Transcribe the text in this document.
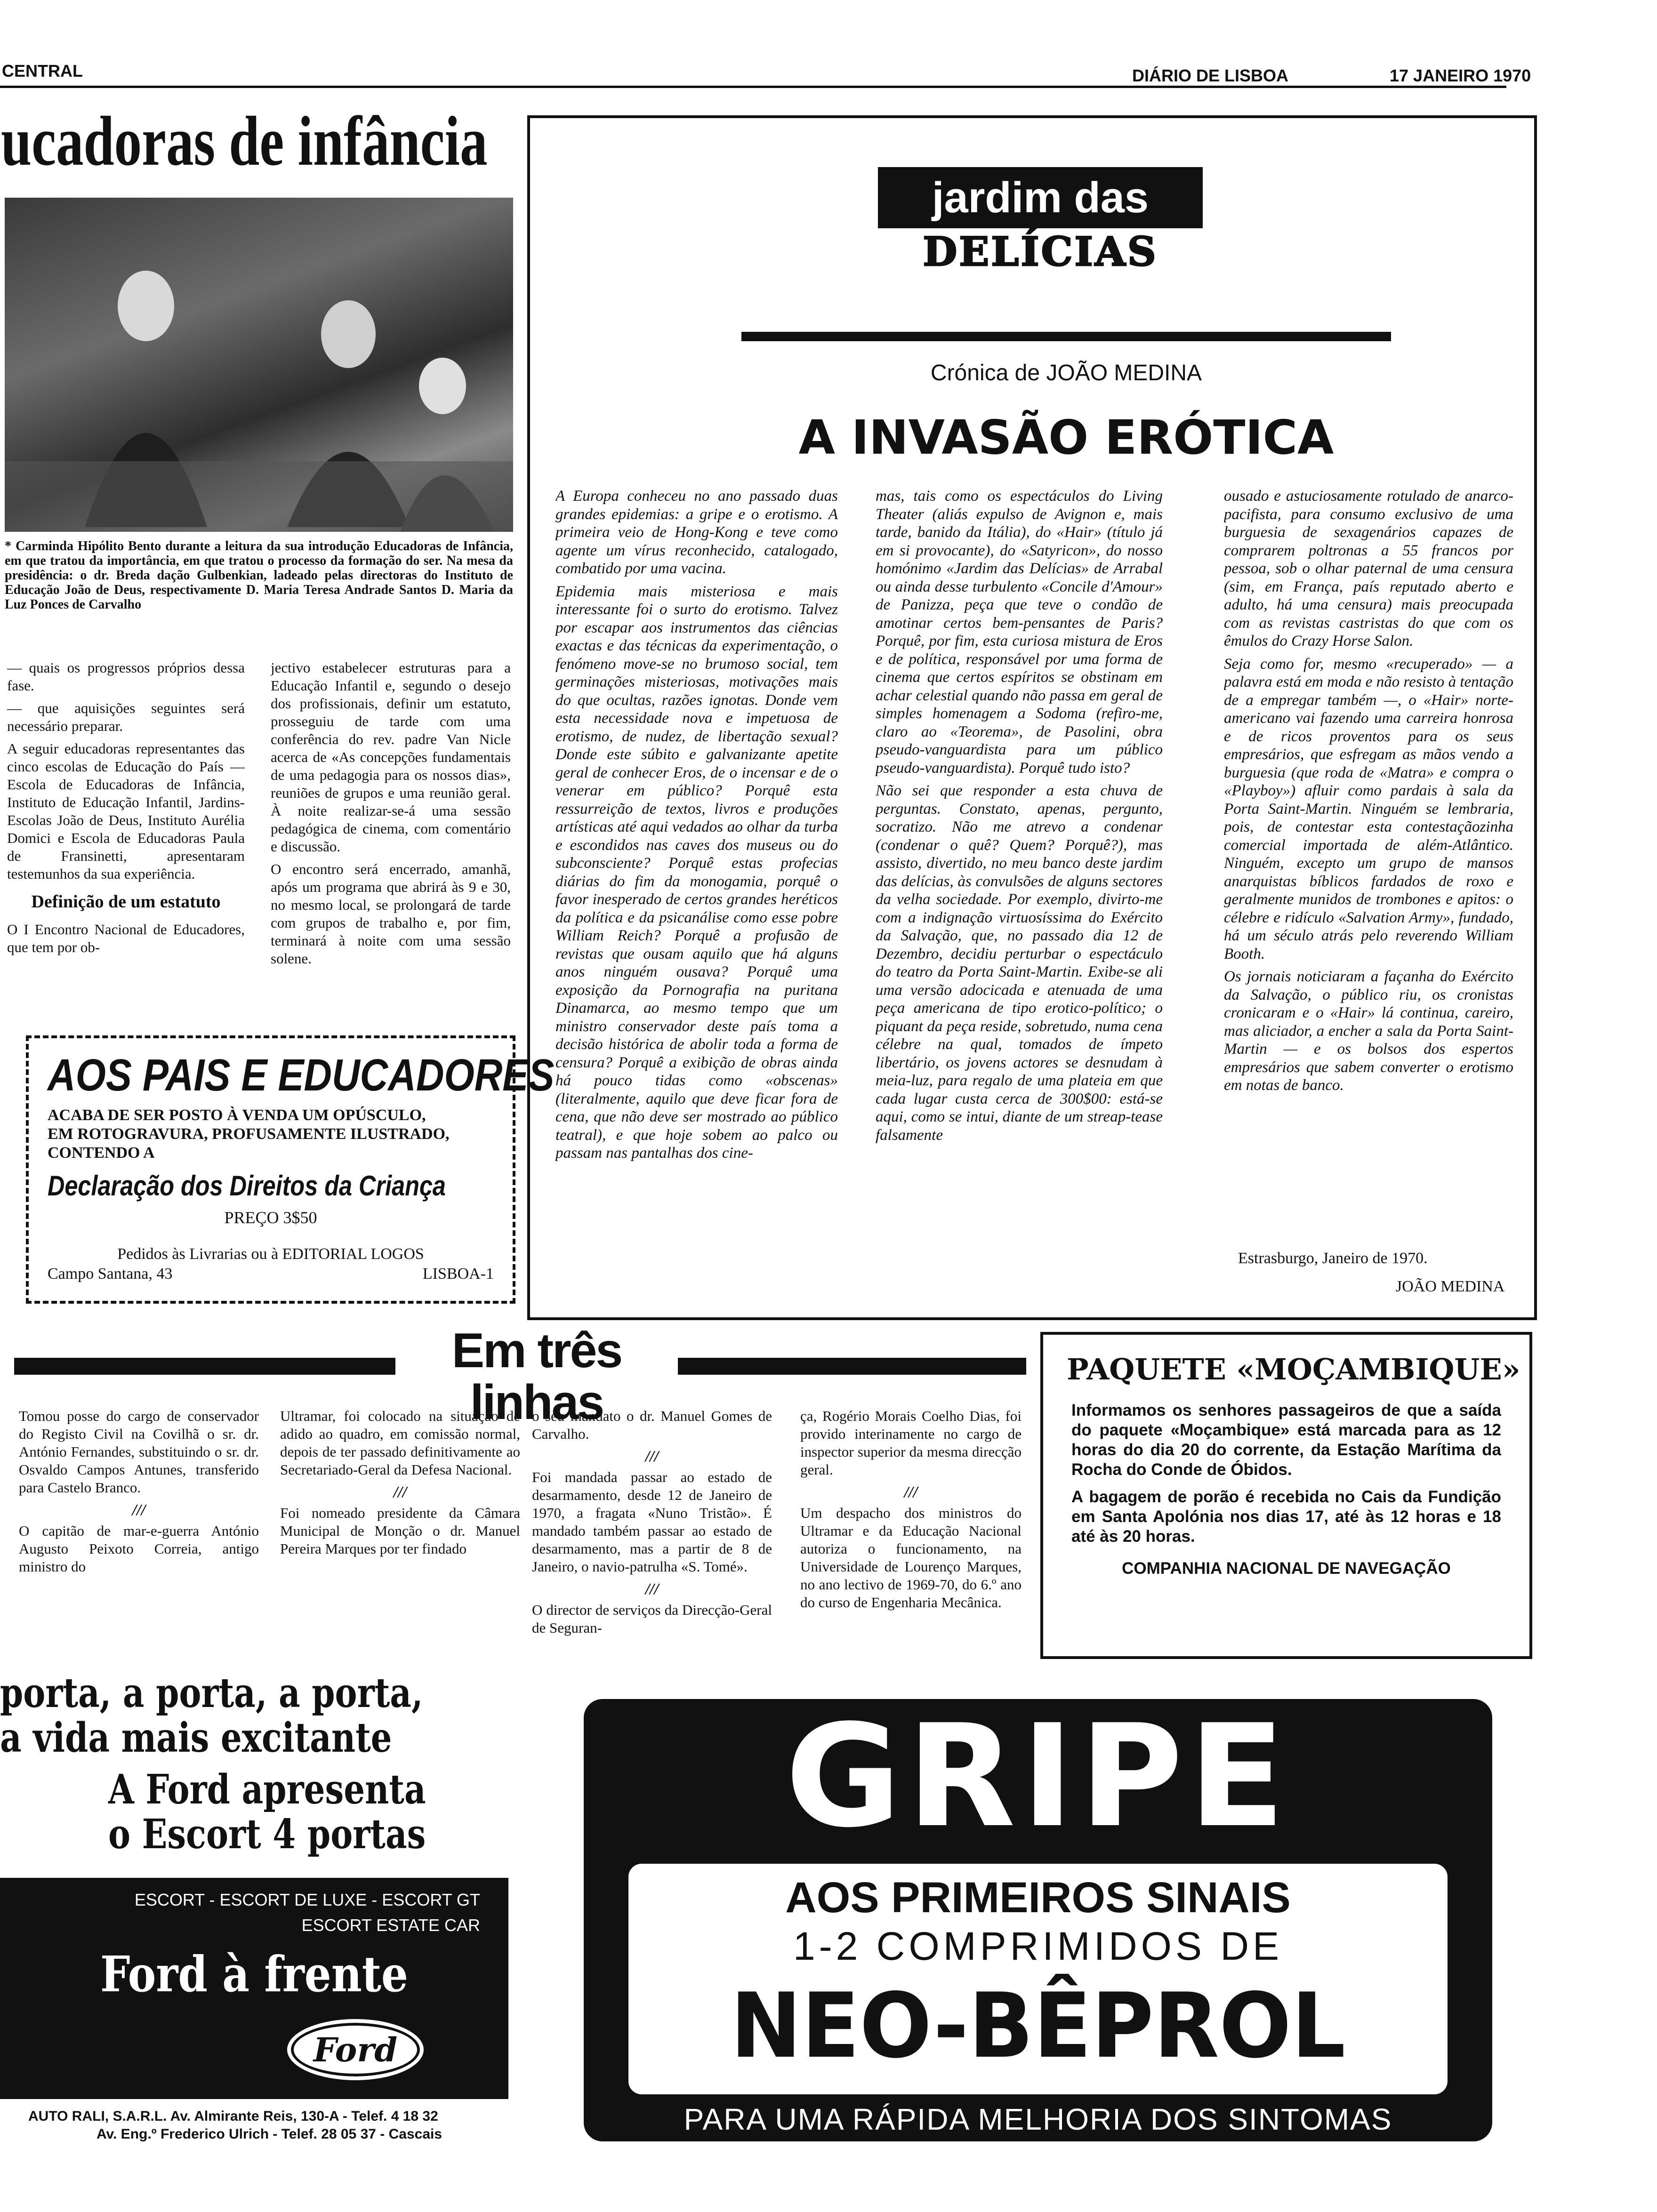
CENTRAL	DIÁRIO DE LISBOA	17 JANEIRO 1970
ucadoras de infância
* Carminda Hipólito Bento durante a leitura da sua introdução Educadoras de Infância, em que tratou da importância, em que tratou o processo da formação do ser. Na mesa da presidência: o dr. Breda dação Gulbenkian, ladeado pelas directoras do Instituto de Educação João de Deus, respectivamente D. Maria Teresa Andrade Santos D. Maria da Luz Ponces de Carvalho

— quais os progressos próprios dessa fase.

— que aquisições seguintes será necessário preparar.

A seguir educadoras representantes das cinco escolas de Educação do País — Escola de Educadoras de Infância, Instituto de Educação Infantil, Jardins-Escolas João de Deus, Instituto Aurélia Domici e Escola de Educadoras Paula de Fransinetti, apresentaram testemunhos da sua experiência.

Definição de um estatuto

O I Encontro Nacional de Educadores, que tem por ob-

jectivo estabelecer estruturas para a Educação Infantil e, segundo o desejo dos profissionais, definir um estatuto, prosseguiu de tarde com uma conferência do rev. padre Van Nicle acerca de «As concepções fundamentais de uma pedagogia para os nossos dias», reuniões de grupos e uma reunião geral. À noite realizar-se-á uma sessão pedagógica de cinema, com comentário e discussão.

O encontro será encerrado, amanhã, após um programa que abrirá às 9 e 30, no mesmo local, se prolongará de tarde com grupos de trabalho e, por fim, terminará à noite com uma sessão solene.

AOS PAIS E EDUCADORES
ACABA DE SER POSTO À VENDA UM OPÚSCULO,
EM ROTOGRAVURA, PROFUSAMENTE ILUSTRADO,
CONTENDO A
Declaração dos Direitos da Criança
PREÇO 3$50
Pedidos às Livrarias ou à EDITORIAL LOGOS
Campo Santana, 43	LISBOA-1
jardim das
DELÍCIAS
Crónica de JOÃO MEDINA
A INVASÃO ERÓTICA

A Europa conheceu no ano passado duas grandes epidemias: a gripe e o erotismo. A primeira veio de Hong-Kong e teve como agente um vírus reconhecido, catalogado, combatido por uma vacina.

Epidemia mais misteriosa e mais interessante foi o surto do erotismo. Talvez por escapar aos instrumentos das ciências exactas e das técnicas da experimentação, o fenómeno move-se no brumoso social, tem germinações misteriosas, motivações mais do que ocultas, razões ignotas. Donde vem esta necessidade nova e impetuosa de erotismo, de nudez, de libertação sexual? Donde este súbito e galvanizante apetite geral de conhecer Eros, de o incensar e de o venerar em público? Porquê esta ressurreição de textos, livros e produções artísticas até aqui vedados ao olhar da turba e escondidos nas caves dos museus ou do subconsciente? Porquê estas profecias diárias do fim da monogamia, porquê o favor inesperado de certos grandes heréticos da política e da psicanálise como esse pobre William Reich? Porquê a profusão de revistas que ousam aquilo que há alguns anos ninguém ousava? Porquê uma exposição da Pornografia na puritana Dinamarca, ao mesmo tempo que um ministro conservador deste país toma a decisão histórica de abolir toda a forma de censura? Porquê a exibição de obras ainda há pouco tidas como «obscenas» (literalmente, aquilo que deve ficar fora de cena, que não deve ser mostrado ao público teatral), e que hoje sobem ao palco ou passam nas pantalhas dos cine-

mas, tais como os espectáculos do Living Theater (aliás expulso de Avignon e, mais tarde, banido da Itália), do «Hair» (título já em si provocante), do «Satyricon», do nosso homónimo «Jardim das Delícias» de Arrabal ou ainda desse turbulento «Concile d'Amour» de Panizza, peça que teve o condão de amotinar certos bem-pensantes de Paris? Porquê, por fim, esta curiosa mistura de Eros e de política, responsável por uma forma de cinema que certos espíritos se obstinam em achar celestial quando não passa em geral de simples homenagem a Sodoma (refiro-me, claro ao «Teorema», de Pasolini, obra pseudo-vanguardista para um público pseudo-vanguardista). Porquê tudo isto?

Não sei que responder a esta chuva de perguntas. Constato, apenas, pergunto, socratizo. Não me atrevo a condenar (condenar o quê? Quem? Porquê?), mas assisto, divertido, no meu banco deste jardim das delícias, às convulsões de alguns sectores da velha sociedade. Por exemplo, divirto-me com a indignação virtuosíssima do Exército da Salvação, que, no passado dia 12 de Dezembro, decidiu perturbar o espectáculo do teatro da Porta Saint-Martin. Exibe-se ali uma versão adocicada e atenuada de uma peça americana de tipo erotico-político; o piquant da peça reside, sobretudo, numa cena célebre na qual, tomados de ímpeto libertário, os jovens actores se desnudam à meia-luz, para regalo de uma plateia em que cada lugar custa cerca de 300$00: está-se aqui, como se intui, diante de um streap-tease falsamente

ousado e astuciosamente rotulado de anarco-pacifista, para consumo exclusivo de uma burguesia de sexagenários capazes de comprarem poltronas a 55 francos por pessoa, sob o olhar paternal de uma censura (sim, em França, país reputado aberto e adulto, há uma censura) mais preocupada com as revistas castristas do que com os êmulos do Crazy Horse Salon.

Seja como for, mesmo «recuperado» — a palavra está em moda e não resisto à tentação de a empregar também —, o «Hair» norte-americano vai fazendo uma carreira honrosa e de ricos proventos para os seus empresários, que esfregam as mãos vendo a burguesia (que roda de «Matra» e compra o «Playboy») afluir como pardais à sala da Porta Saint-Martin. Ninguém se lembraria, pois, de contestar esta contestaçãozinha comercial importada de além-Atlântico. Ninguém, excepto um grupo de mansos anarquistas bíblicos fardados de roxo e geralmente munidos de trombones e apitos: o célebre e ridículo «Salvation Army», fundado, há um século atrás pelo reverendo William Booth.

Os jornais noticiaram a façanha do Exército da Salvação, o público riu, os cronistas cronicaram e o «Hair» lá continua, careiro, mas aliciador, a encher a sala da Porta Saint-Martin — e os bolsos dos espertos empresários que sabem converter o erotismo em notas de banco.

Estrasburgo, Janeiro de 1970.
JOÃO MEDINA
Em três linhas

Tomou posse do cargo de conservador do Registo Civil na Covilhã o sr. dr. António Fernandes, substituindo o sr. dr. Osvaldo Campos Antunes, transferido para Castelo Branco.

///

O capitão de mar-e-guerra António Augusto Peixoto Correia, antigo ministro do

Ultramar, foi colocado na situação de adido ao quadro, em comissão normal, depois de ter passado definitivamente ao Secretariado-Geral da Defesa Nacional.

///

Foi nomeado presidente da Câmara Municipal de Monção o dr. Manuel Pereira Marques por ter findado

o seu mandato o dr. Manuel Gomes de Carvalho.

///

Foi mandada passar ao estado de desarmamento, desde 12 de Janeiro de 1970, a fragata «Nuno Tristão». É mandado também passar ao estado de desarmamento, mas a partir de 8 de Janeiro, o navio-patrulha «S. Tomé».

///

O director de serviços da Direcção-Geral de Seguran-

ça, Rogério Morais Coelho Dias, foi provido interinamente no cargo de inspector superior da mesma direcção geral.

///

Um despacho dos ministros do Ultramar e da Educação Nacional autoriza o funcionamento, na Universidade de Lourenço Marques, no ano lectivo de 1969-70, do 6.º ano do curso de Engenharia Mecânica.

PAQUETE «MOÇAMBIQUE»
Informamos os senhores passageiros de que a saída do paquete «Moçambique» está marcada para as 12 horas do dia 20 do corrente, da Estação Marítima da Rocha do Conde de Óbidos.
A bagagem de porão é recebida no Cais da Fundição em Santa Apolónia nos dias 17, até às 12 horas e 18 até às 20 horas.
COMPANHIA NACIONAL DE NAVEGAÇÃO
porta, a porta, a porta,
a vida mais excitante
A Ford apresenta
o Escort 4 portas
ESCORT - ESCORT DE LUXE - ESCORT GT
ESCORT ESTATE CAR
Ford à frente
Ford
AUTO RALI, S.A.R.L. Av. Almirante Reis, 130-A - Telef. 4 18 32
Av. Eng.º Frederico Ulrich - Telef. 28 05 37 - Cascais
GRIPE
AOS PRIMEIROS SINAIS
1-2 COMPRIMIDOS DE
NEO-BÊPROL
PARA UMA RÁPIDA MELHORIA DOS SINTOMAS
